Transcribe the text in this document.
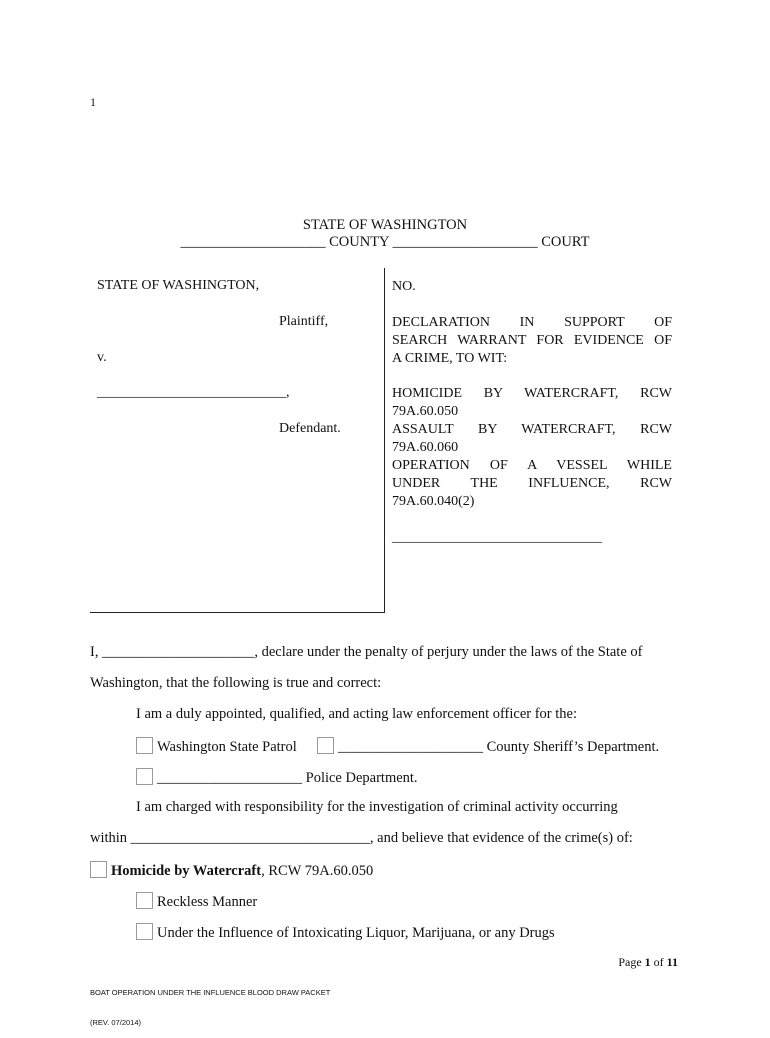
1
STATE OF WASHINGTON
____________________ COUNTY ____________________ COURT
STATE OF WASHINGTON,
Plaintiff,
v.
___________________________,
Defendant.
NO.
DECLARATION IN SUPPORT OF
SEARCH WARRANT FOR EVIDENCE OF
A CRIME, TO WIT:
HOMICIDE BY WATERCRAFT, RCW
79A.60.050
ASSAULT BY WATERCRAFT, RCW
79A.60.060
OPERATION OF A VESSEL WHILE
UNDER THE INFLUENCE, RCW
79A.60.040(2)
______________________________
I, _____________________, declare under the penalty of perjury under the laws of the State of
Washington, that the following is true and correct:
I am a duly appointed, qualified, and acting law enforcement officer for the:
Washington State Patrol	____________________ County Sheriff’s Department.
____________________ Police Department.
I am charged with responsibility for the investigation of criminal activity occurring
within _________________________________, and believe that evidence of the crime(s) of:
Homicide by Watercraft, RCW 79A.60.050
Reckless Manner
Under the Influence of Intoxicating Liquor, Marijuana, or any Drugs
Page 1 of 11

BOAT OPERATION UNDER THE INFLUENCE BLOOD DRAW PACKET

(REV. 07/2014)
